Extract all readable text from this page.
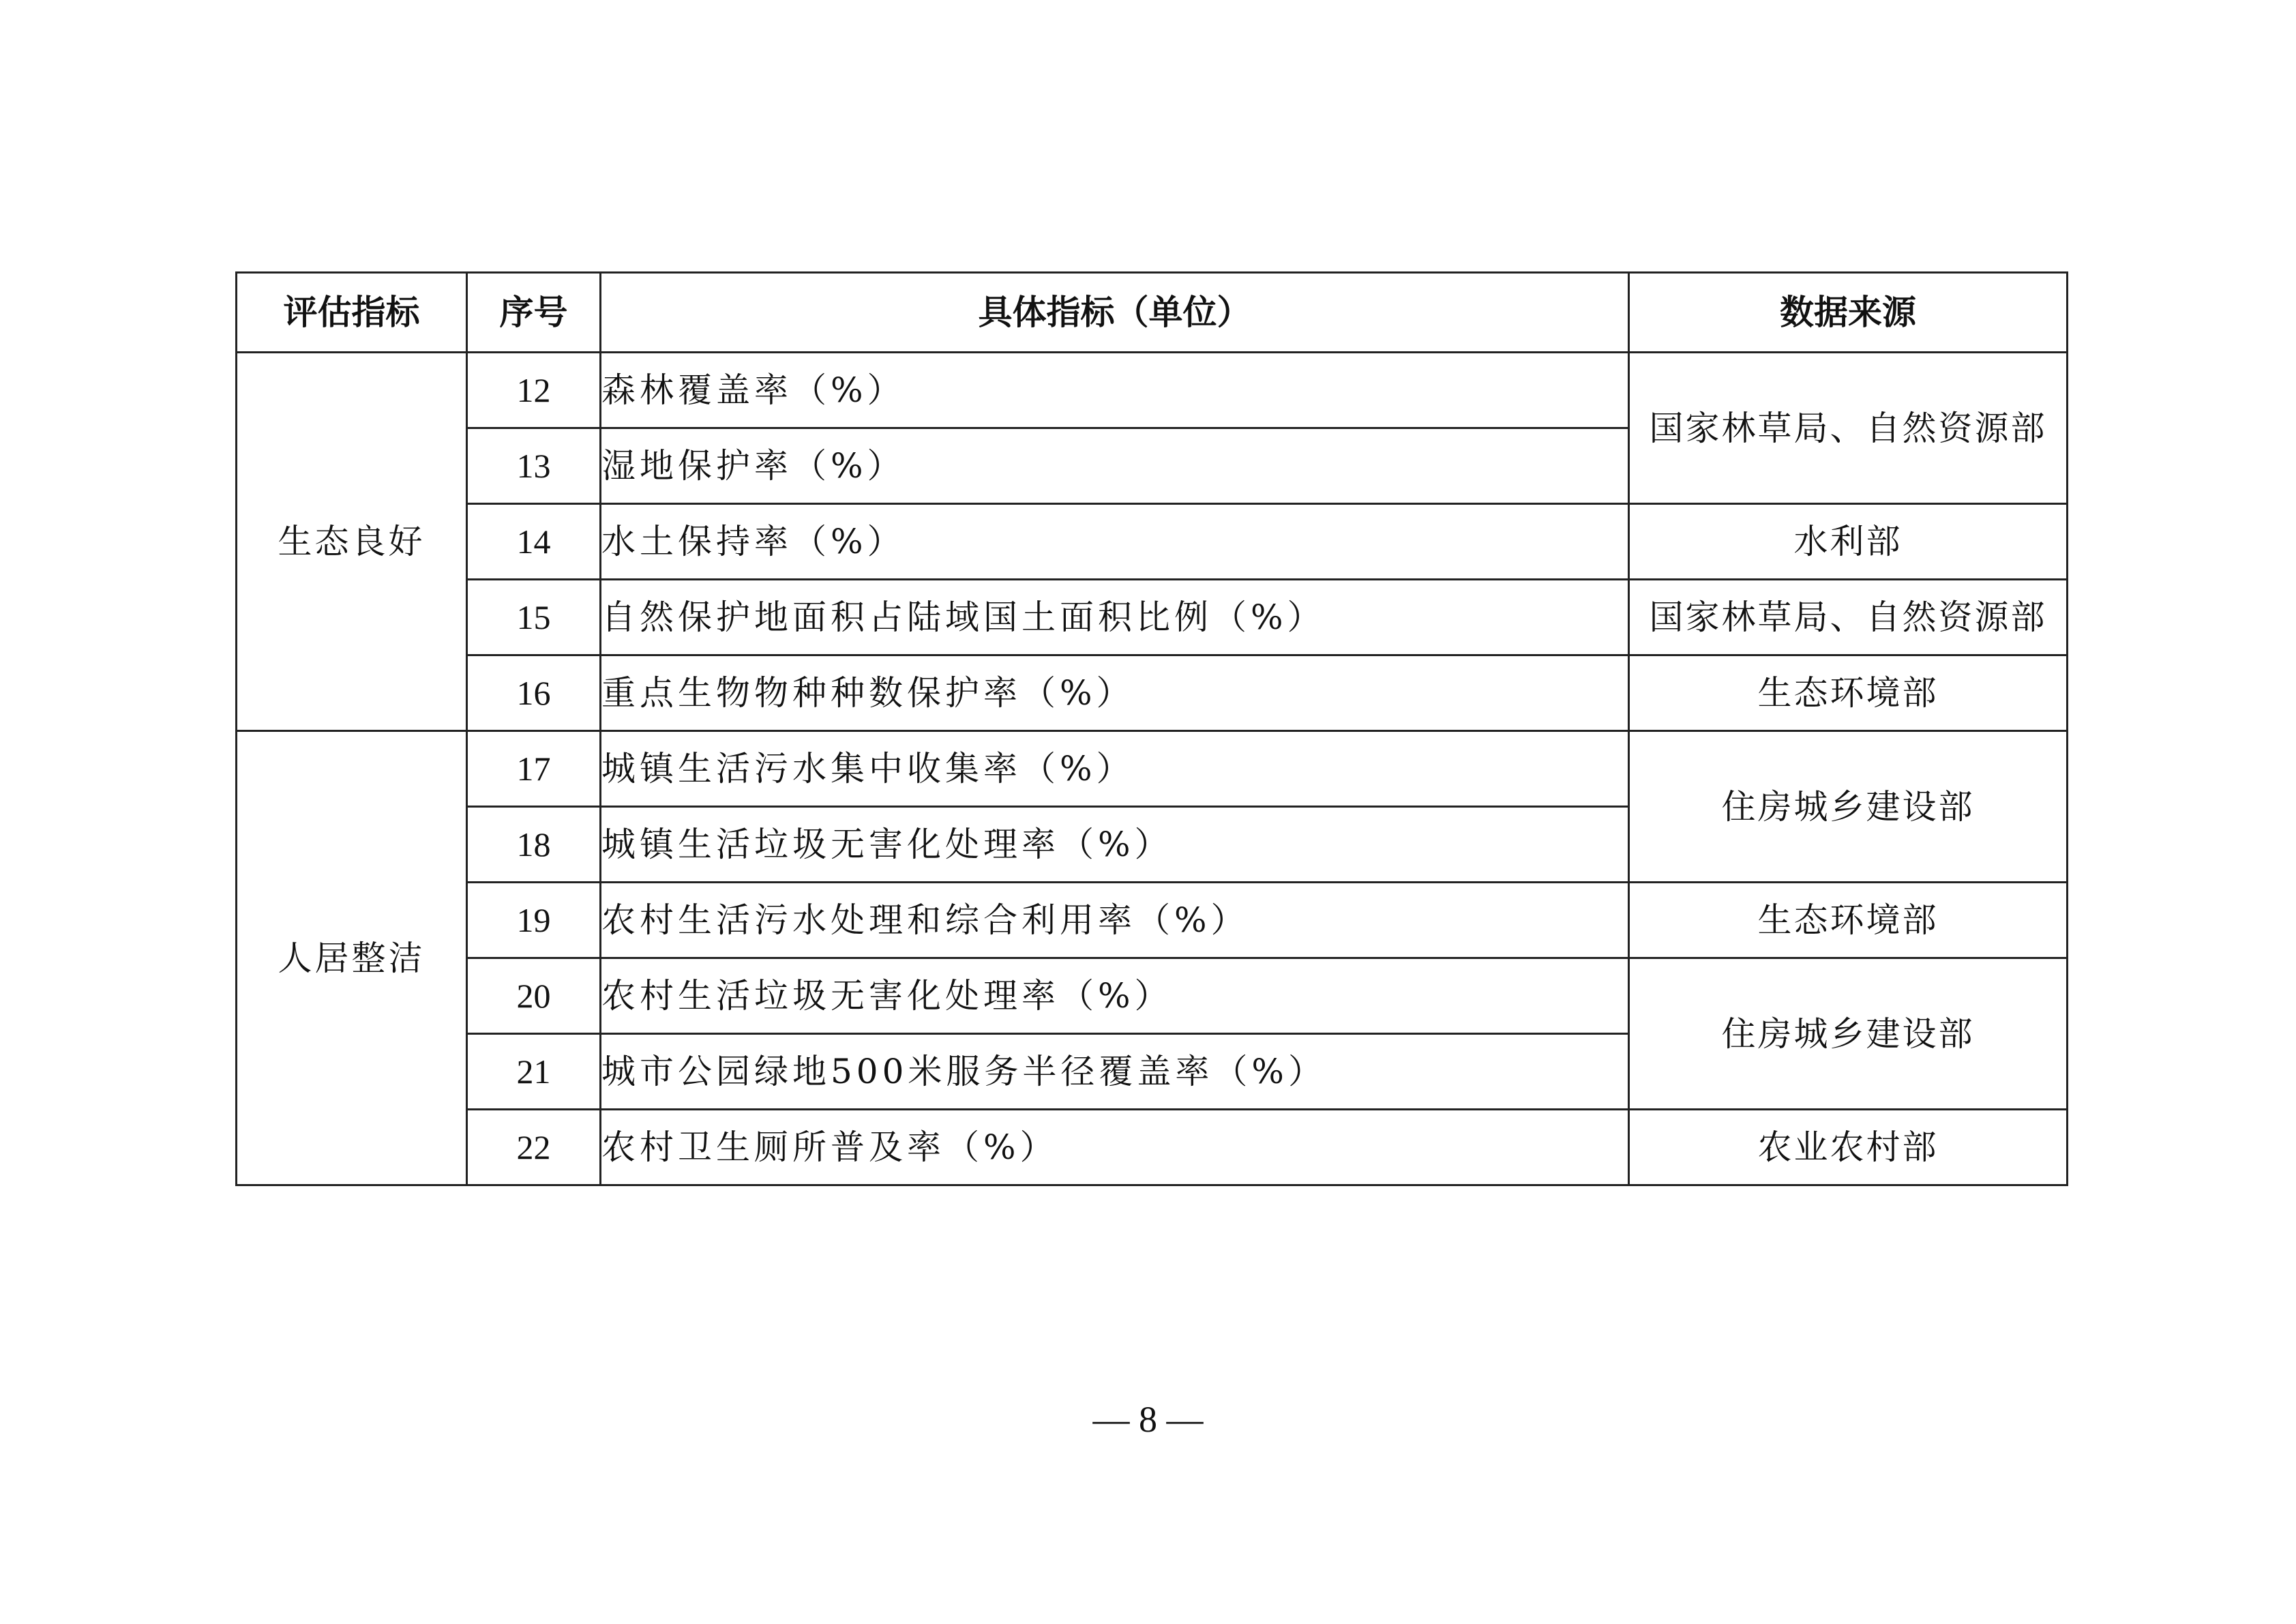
评估指标	序号	具体指标（单位）	数据来源
生态良好	12	森林覆盖率（%）	国家林草局、自然资源部
	13	湿地保护率（%）	
	14	水土保持率（%）	水利部
	15	自然保护地面积占陆域国土面积比例（%）	国家林草局、自然资源部
	16	重点生物物种种数保护率（%）	生态环境部
人居整洁	17	城镇生活污水集中收集率（%）	住房城乡建设部
	18	城镇生活垃圾无害化处理率（%）	
	19	农村生活污水处理和综合利用率（%）	生态环境部
	20	农村生活垃圾无害化处理率（%）	住房城乡建设部
	21	城市公园绿地500米服务半径覆盖率（%）	
	22	农村卫生厕所普及率（%）	农业农村部
— 8 —
